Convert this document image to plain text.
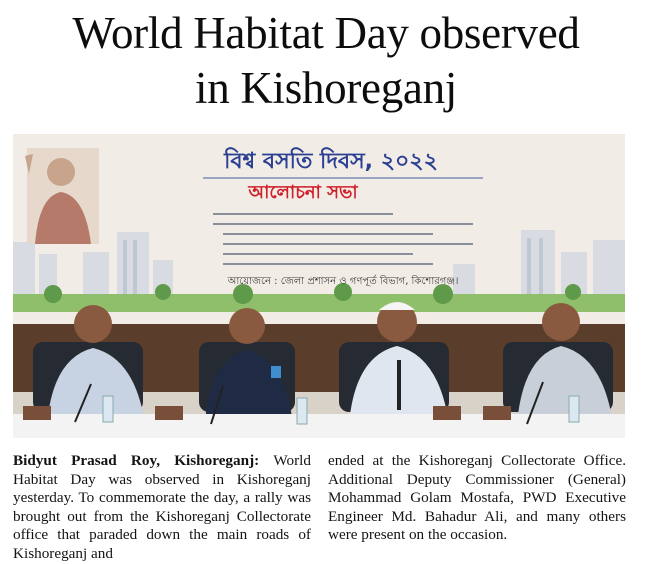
World Habitat Day observed
in Kishoreganj
বিশ্ব বসতি দিবস, ২০২২
আলোচনা সভা
আয়োজনে : জেলা প্রশাসন ও গণপূর্ত বিভাগ, কিশোরগঞ্জ।
Bidyut Prasad Roy, Kishoreganj: World Habitat Day was observed in Kishoreganj yesterday. To commemorate the day, a rally was brought out from the Kishoreganj Collectorate office that paraded down the main roads of Kishoreganj and
ended at the Kishoreganj Collectorate Office. Additional Deputy Commissioner (General) Mohammad Golam Mostafa, PWD Executive Engineer Md. Bahadur Ali, and many others were present on the occasion.
